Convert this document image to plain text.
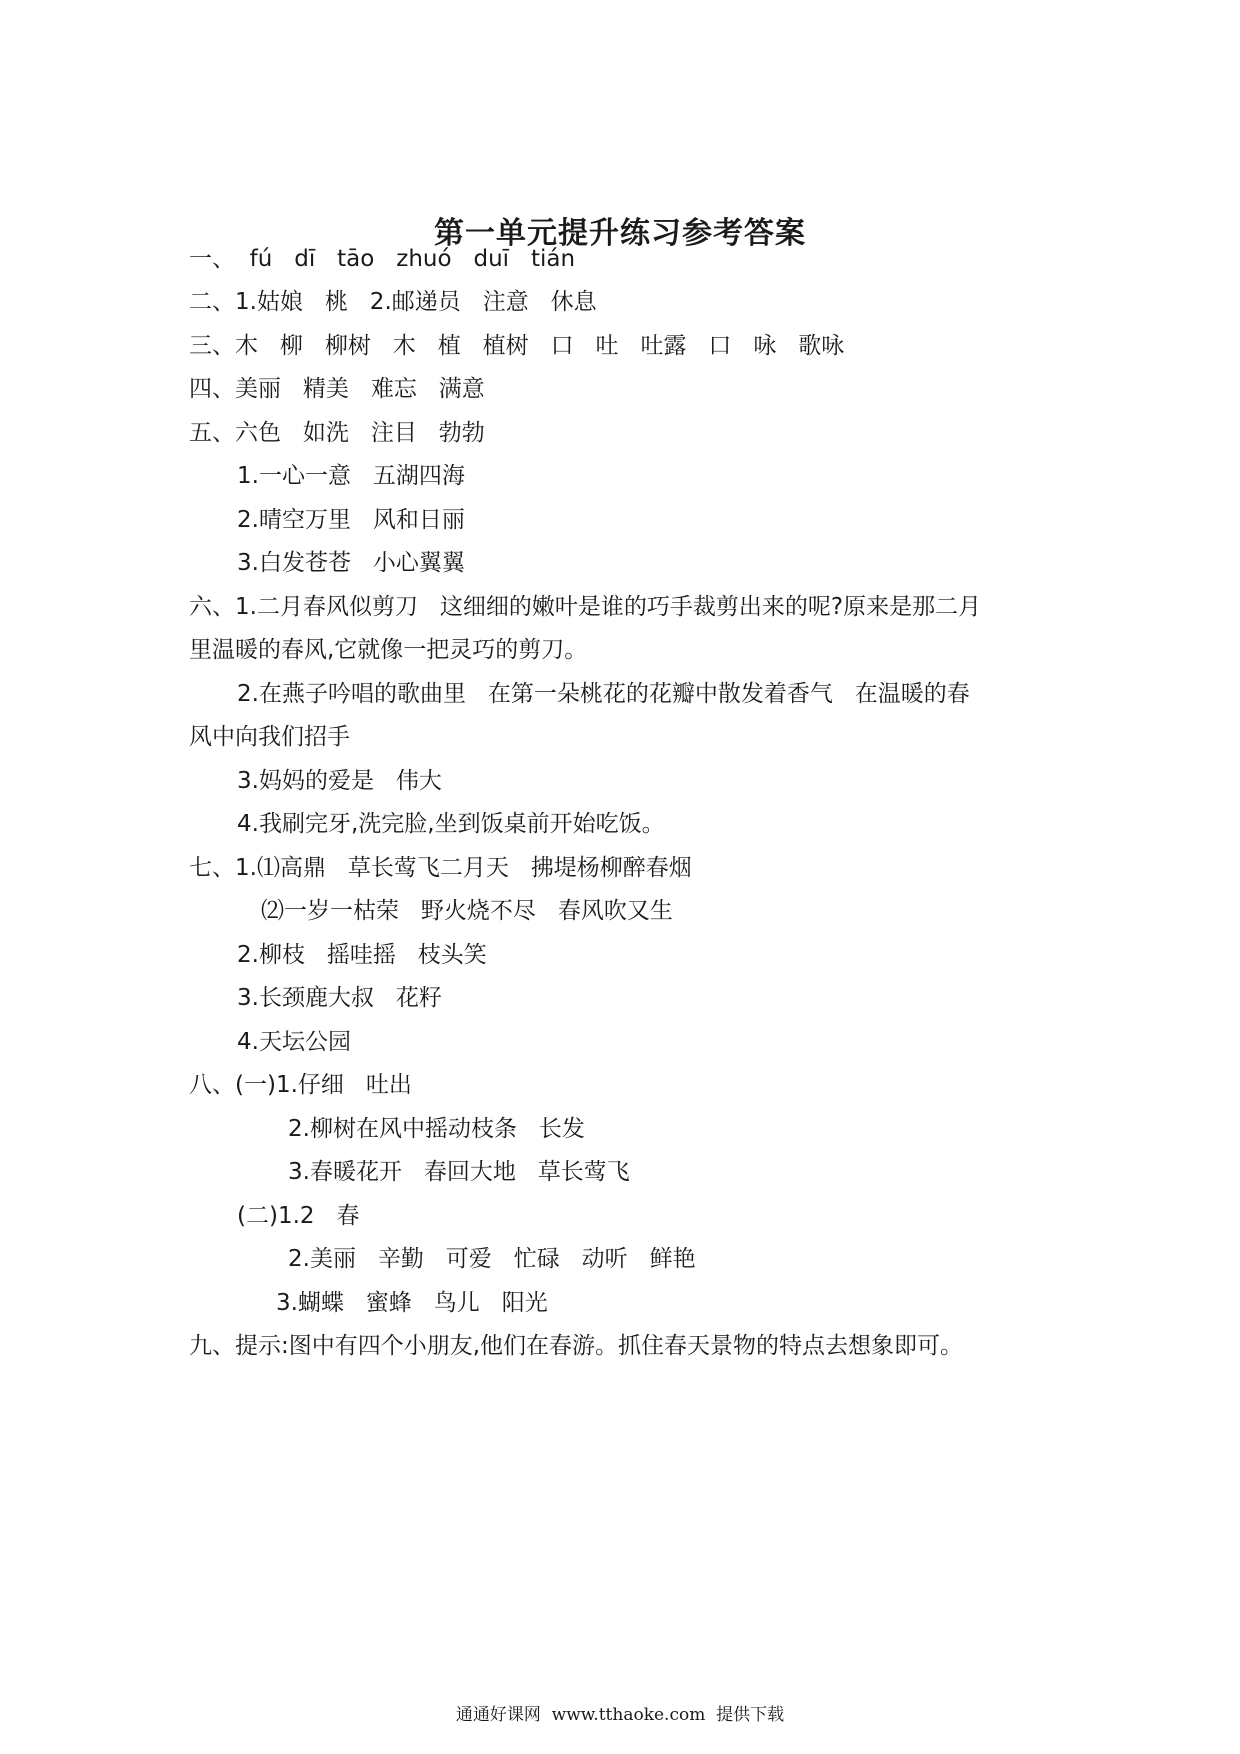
第一单元提升练习参考答案
一、  fú   dī   tāo   zhuó   duī   tián
二、1.姑娘   桃   2.邮递员   注意   休息
三、木   柳   柳树   木   植   植树   口   吐   吐露   口   咏   歌咏
四、美丽   精美   难忘   满意
五、六色   如洗   注目   勃勃
1.一心一意   五湖四海
2.晴空万里   风和日丽
3.白发苍苍   小心翼翼
六、1.二月春风似剪刀   这细细的嫩叶是谁的巧手裁剪出来的呢?原来是那二月
里温暖的春风,它就像一把灵巧的剪刀。
2.在燕子吟唱的歌曲里   在第一朵桃花的花瓣中散发着香气   在温暖的春
风中向我们招手
3.妈妈的爱是   伟大
4.我刷完牙,洗完脸,坐到饭桌前开始吃饭。
七、1.⑴高鼎   草长莺飞二月天   拂堤杨柳醉春烟
⑵一岁一枯荣   野火烧不尽   春风吹又生
2.柳枝   摇哇摇   枝头笑
3.长颈鹿大叔   花籽
4.天坛公园
八、(一)1.仔细   吐出
2.柳树在风中摇动枝条   长发
3.春暖花开   春回大地   草长莺飞
(二)1.2   春
2.美丽   辛勤   可爱   忙碌   动听   鲜艳
3.蝴蝶   蜜蜂   鸟儿   阳光
九、提示:图中有四个小朋友,他们在春游。抓住春天景物的特点去想象即可。
通通好课网  www.tthaoke.com  提供下载
